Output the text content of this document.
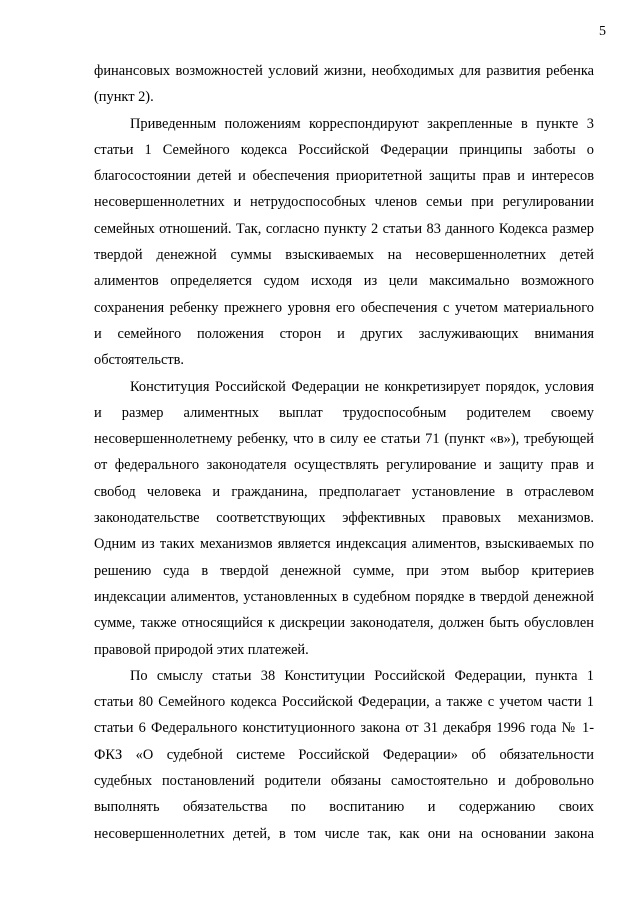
5
финансовых возможностей условий жизни, необходимых для развития ребенка
(пункт 2).
Приведенным положениям корреспондируют закрепленные в пункте 3
статьи 1 Семейного кодекса Российской Федерации принципы заботы о
благосостоянии детей и обеспечения приоритетной защиты прав и интересов
несовершеннолетних и нетрудоспособных членов семьи при регулировании
семейных отношений. Так, согласно пункту 2 статьи 83 данного Кодекса размер
твердой денежной суммы взыскиваемых на несовершеннолетних детей
алиментов определяется судом исходя из цели максимально возможного
сохранения ребенку прежнего уровня его обеспечения с учетом материального
и семейного положения сторон и других заслуживающих внимания
обстоятельств.
Конституция Российской Федерации не конкретизирует порядок, условия
и размер алиментных выплат трудоспособным родителем своему
несовершеннолетнему ребенку, что в силу ее статьи 71 (пункт «в»), требующей
от федерального законодателя осуществлять регулирование и защиту прав и
свобод человека и гражданина, предполагает установление в отраслевом
законодательстве соответствующих эффективных правовых механизмов.
Одним из таких механизмов является индексация алиментов, взыскиваемых по
решению суда в твердой денежной сумме, при этом выбор критериев
индексации алиментов, установленных в судебном порядке в твердой денежной
сумме, также относящийся к дискреции законодателя, должен быть обусловлен
правовой природой этих платежей.
По смыслу статьи 38 Конституции Российской Федерации, пункта 1
статьи 80 Семейного кодекса Российской Федерации, а также с учетом части 1
статьи 6 Федерального конституционного закона от 31 декабря 1996 года № 1-
ФКЗ «О судебной системе Российской Федерации» об обязательности
судебных постановлений родители обязаны самостоятельно и добровольно
выполнять обязательства по воспитанию и содержанию своих
несовершеннолетних детей, в том числе так, как они на основании закона
